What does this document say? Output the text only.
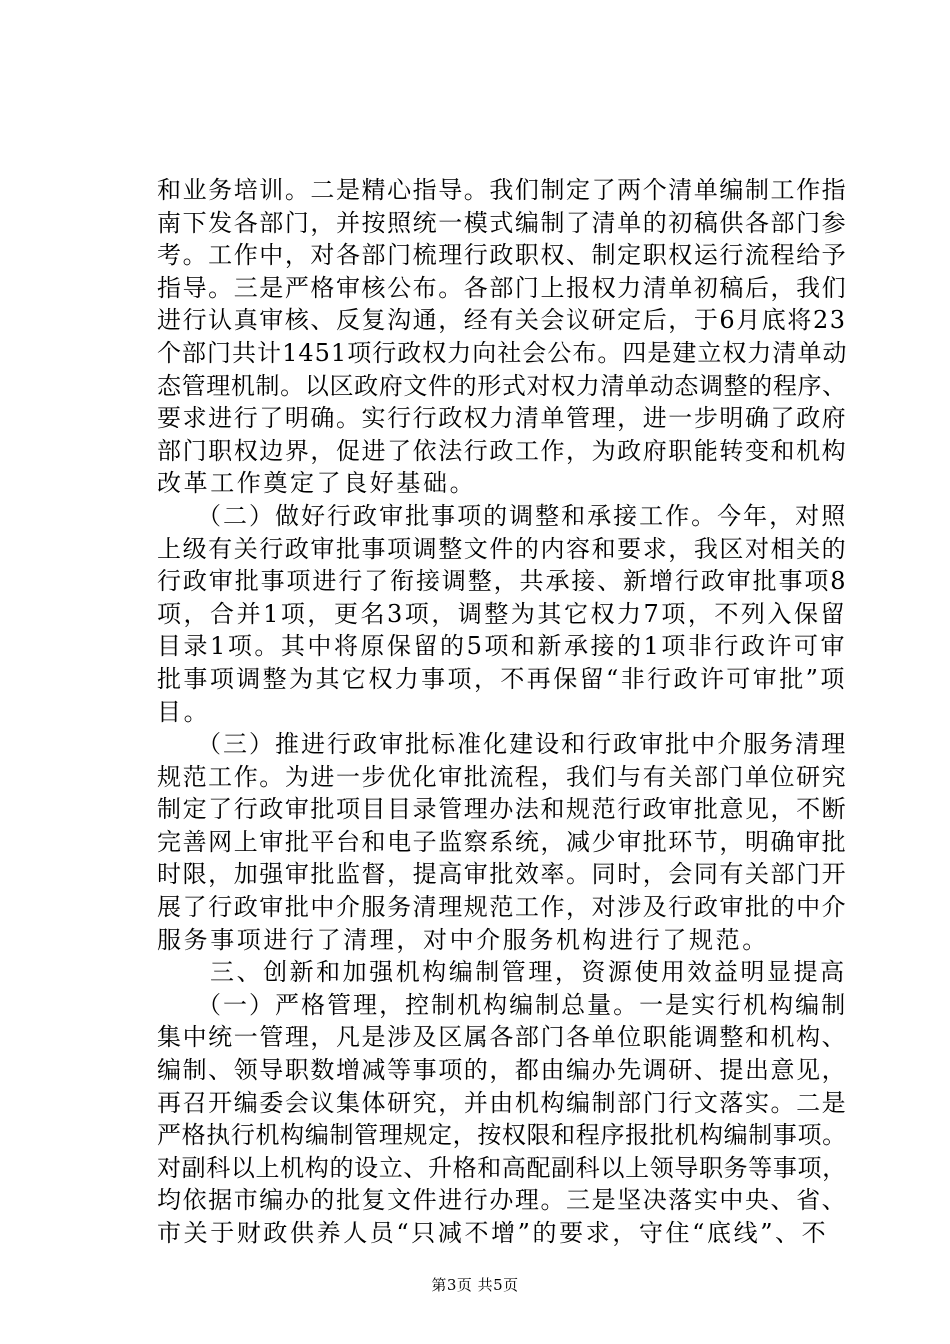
和业务培训。二是精心指导。我们制定了两个清单编制工作指
南下发各部门，并按照统一模式编制了清单的初稿供各部门参
考。工作中，对各部门梳理行政职权、制定职权运行流程给予
指导。三是严格审核公布。各部门上报权力清单初稿后，我们
进行认真审核、反复沟通，经有关会议研定后，于6月底将23
个部门共计1451项行政权力向社会公布。四是建立权力清单动
态管理机制。以区政府文件的形式对权力清单动态调整的程序、
要求进行了明确。实行行政权力清单管理，进一步明确了政府
部门职权边界，促进了依法行政工作，为政府职能转变和机构
改革工作奠定了良好基础。
　　（二）做好行政审批事项的调整和承接工作。今年，对照
上级有关行政审批事项调整文件的内容和要求，我区对相关的
行政审批事项进行了衔接调整，共承接、新增行政审批事项8
项，合并1项，更名3项，调整为其它权力7项，不列入保留
目录1项。其中将原保留的5项和新承接的1项非行政许可审
批事项调整为其它权力事项，不再保留“非行政许可审批”项
目。
　　（三）推进行政审批标准化建设和行政审批中介服务清理
规范工作。为进一步优化审批流程，我们与有关部门单位研究
制定了行政审批项目目录管理办法和规范行政审批意见，不断
完善网上审批平台和电子监察系统，减少审批环节，明确审批
时限，加强审批监督，提高审批效率。同时，会同有关部门开
展了行政审批中介服务清理规范工作，对涉及行政审批的中介
服务事项进行了清理，对中介服务机构进行了规范。
　　三、创新和加强机构编制管理，资源使用效益明显提高
　　（一）严格管理，控制机构编制总量。一是实行机构编制
集中统一管理，凡是涉及区属各部门各单位职能调整和机构、
编制、领导职数增减等事项的，都由编办先调研、提出意见，
再召开编委会议集体研究，并由机构编制部门行文落实。二是
严格执行机构编制管理规定，按权限和程序报批机构编制事项。
对副科以上机构的设立、升格和高配副科以上领导职务等事项，
均依据市编办的批复文件进行办理。三是坚决落实中央、省、
市关于财政供养人员“只减不增”的要求，守住“底线”、不
第3页 共5页
